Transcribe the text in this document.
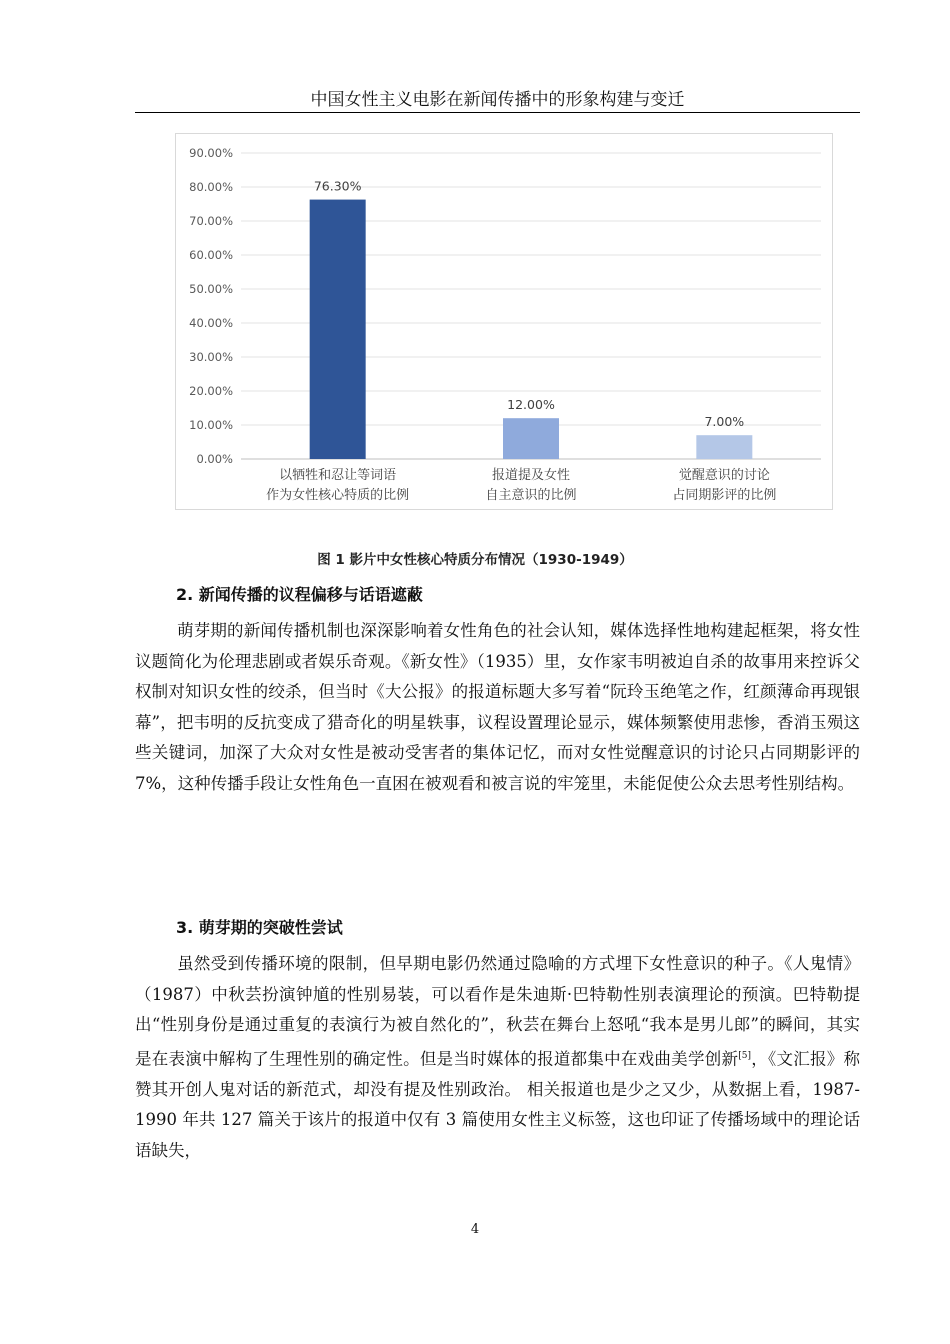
中国女性主义电影在新闻传播中的形象构建与变迁
0.00%
10.00%
20.00%
30.00%
40.00%
50.00%
60.00%
70.00%
80.00%
90.00%
76.30%
以牺牲和忍让等词语
作为女性核心特质的比例
12.00%
报道提及女性
自主意识的比例
7.00%
觉醒意识的讨论
占同期影评的比例
图 1 影片中女性核心特质分布情况（1930-1949）
2. 新闻传播的议程偏移与话语遮蔽
萌芽期的新闻传播机制也深深影响着女性角色的社会认知，媒体选择性地构建起框架，将女性议题简化为伦理悲剧或者娱乐奇观。《新女性》（1935）里，女作家韦明被迫自杀的故事用来控诉父权制对知识女性的绞杀，但当时《大公报》的报道标题大多写着“阮玲玉绝笔之作，红颜薄命再现银幕”，把韦明的反抗变成了猎奇化的明星轶事，议程设置理论显示，媒体频繁使用悲惨，香消玉殒这些关键词，加深了大众对女性是被动受害者的集体记忆，而对女性觉醒意识的讨论只占同期影评的 7%，这种传播手段让女性角色一直困在被观看和被言说的牢笼里，未能促使公众去思考性别结构。
3. 萌芽期的突破性尝试
虽然受到传播环境的限制，但早期电影仍然通过隐喻的方式埋下女性意识的种子。《人鬼情》（1987）中秋芸扮演钟馗的性别易装，可以看作是朱迪斯·巴特勒性别表演理论的预演。巴特勒提出“性别身份是通过重复的表演行为被自然化的”，秋芸在舞台上怒吼“我本是男儿郎”的瞬间，其实是在表演中解构了生理性别的确定性。但是当时媒体的报道都集中在戏曲美学创新[5]，《文汇报》称赞其开创人鬼对话的新范式，却没有提及性别政治。 相关报道也是少之又少，从数据上看，1987-1990 年共 127 篇关于该片的报道中仅有 3 篇使用女性主义标签，这也印证了传播场域中的理论话语缺失，
4
